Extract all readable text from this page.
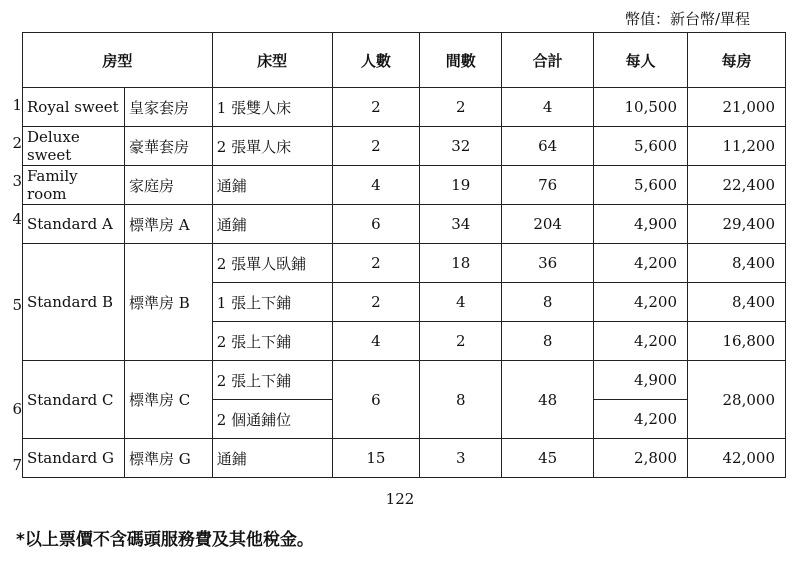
幣值：新台幣/單程
1
2
3
4
5
6
7
房型		床型	人數	間數	合計	每人	每房
Royal sweet	皇家套房	1 張雙人床	2	2	4	10,500	21,000
Deluxe sweet	豪華套房	2 張單人床	2	32	64	5,600	11,200
Family room	家庭房	通鋪	4	19	76	5,600	22,400
Standard A	標準房 A	通鋪	6	34	204	4,900	29,400
Standard B	標準房 B	2 張單人臥鋪	2	18	36	4,200	8,400
		1 張上下鋪	2	4	8	4,200	8,400
		2 張上下鋪	4	2	8	4,200	16,800
Standard C	標準房 C	2 張上下鋪	6	8	48	4,900	28,000
		2 個通鋪位				4,200	
Standard G	標準房 G	通鋪	15	3	45	2,800	42,000
122
*以上票價不含碼頭服務費及其他稅金。
